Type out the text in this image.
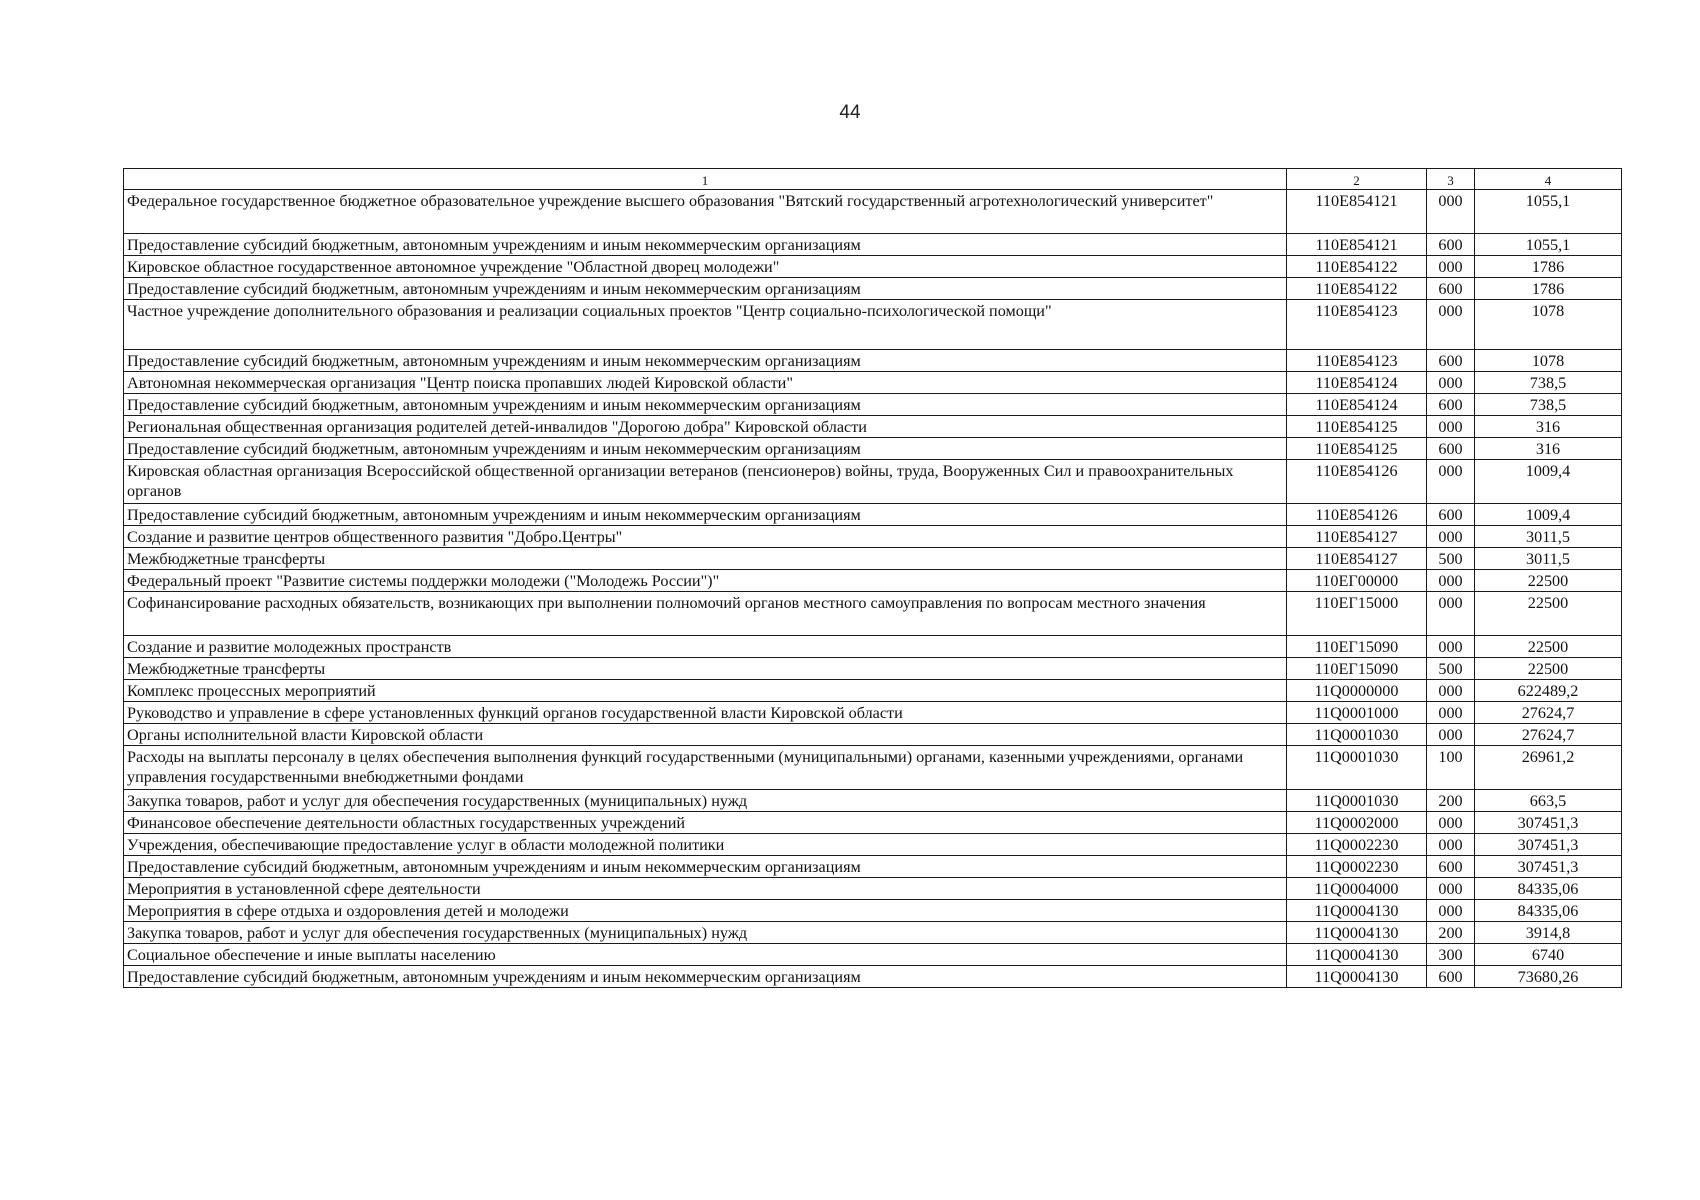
44
1	2	3	4
Федеральное государственное бюджетное образовательное учреждение высшего образования "Вятский государственный агротехнологический университет"	110Е854121	000	1055,1
Предоставление субсидий бюджетным, автономным учреждениям и иным некоммерческим организациям	110Е854121	600	1055,1
Кировское областное государственное автономное учреждение "Областной дворец молодежи"	110Е854122	000	1786
Предоставление субсидий бюджетным, автономным учреждениям и иным некоммерческим организациям	110Е854122	600	1786
Частное учреждение дополнительного образования и реализации социальных проектов "Центр социально-психологической помощи"	110Е854123	000	1078
Предоставление субсидий бюджетным, автономным учреждениям и иным некоммерческим организациям	110Е854123	600	1078
Автономная некоммерческая организация "Центр поиска пропавших людей Кировской области"	110Е854124	000	738,5
Предоставление субсидий бюджетным, автономным учреждениям и иным некоммерческим организациям	110Е854124	600	738,5
Региональная общественная организация родителей детей-инвалидов "Дорогою добра" Кировской области	110Е854125	000	316
Предоставление субсидий бюджетным, автономным учреждениям и иным некоммерческим организациям	110Е854125	600	316
Кировская областная организация Всероссийской общественной организации ветеранов (пенсионеров) войны, труда, Вооруженных Сил и правоохранительных органов	110Е854126	000	1009,4
Предоставление субсидий бюджетным, автономным учреждениям и иным некоммерческим организациям	110Е854126	600	1009,4
Создание и развитие центров общественного развития "Добро.Центры"	110Е854127	000	3011,5
Межбюджетные трансферты	110Е854127	500	3011,5
Федеральный проект "Развитие системы поддержки молодежи ("Молодежь России")"	110ЕГ00000	000	22500
Софинансирование расходных обязательств, возникающих при выполнении полномочий органов местного самоуправления по вопросам местного значения	110ЕГ15000	000	22500
Создание и развитие молодежных пространств	110ЕГ15090	000	22500
Межбюджетные трансферты	110ЕГ15090	500	22500
Комплекс процессных мероприятий	11Q0000000	000	622489,2
Руководство и управление в сфере установленных функций органов государственной власти Кировской области	11Q0001000	000	27624,7
Органы исполнительной власти Кировской области	11Q0001030	000	27624,7
Расходы на выплаты персоналу в целях обеспечения выполнения функций государственными (муниципальными) органами, казенными учреждениями, органами управления государственными внебюджетными фондами	11Q0001030	100	26961,2
Закупка товаров, работ и услуг для обеспечения государственных (муниципальных) нужд	11Q0001030	200	663,5
Финансовое обеспечение деятельности областных государственных учреждений	11Q0002000	000	307451,3
Учреждения, обеспечивающие предоставление услуг в области молодежной политики	11Q0002230	000	307451,3
Предоставление субсидий бюджетным, автономным учреждениям и иным некоммерческим организациям	11Q0002230	600	307451,3
Мероприятия в установленной сфере деятельности	11Q0004000	000	84335,06
Мероприятия в сфере отдыха и оздоровления детей и молодежи	11Q0004130	000	84335,06
Закупка товаров, работ и услуг для обеспечения государственных (муниципальных) нужд	11Q0004130	200	3914,8
Социальное обеспечение и иные выплаты населению	11Q0004130	300	6740
Предоставление субсидий бюджетным, автономным учреждениям и иным некоммерческим организациям	11Q0004130	600	73680,26
